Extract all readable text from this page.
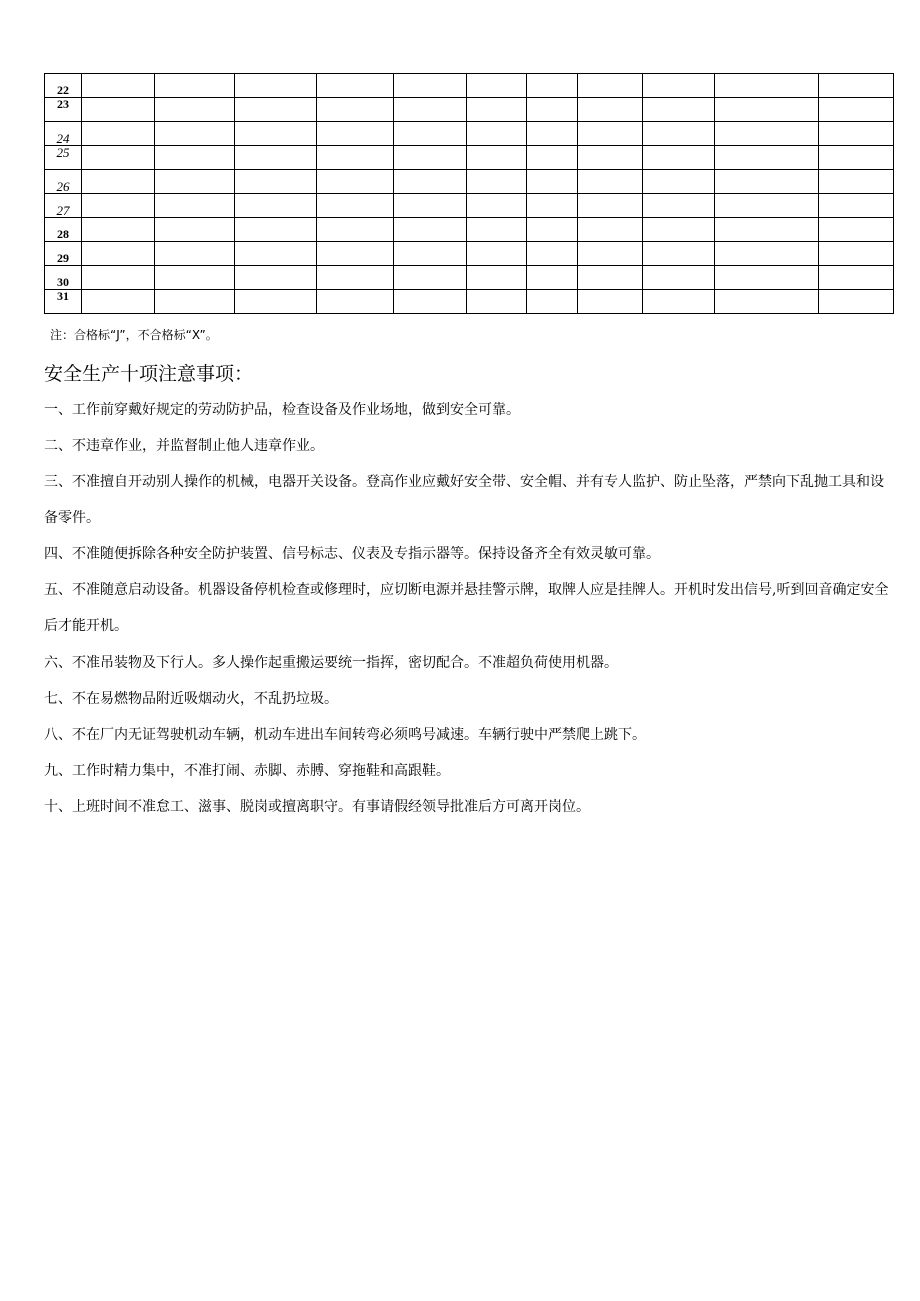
22											
23											
24											
25											
26											
27											
28											
29											
30											
31											
注：合格标“J”，不合格标“X”。
安全生产十项注意事项：
一、工作前穿戴好规定的劳动防护品，检查设备及作业场地，做到安全可靠。
二、不违章作业，并监督制止他人违章作业。
三、不准擅自开动别人操作的机械，电器开关设备。登高作业应戴好安全带、安全帽、并有专人监护、防止坠落，严禁向下乱抛工具和设备零件。
四、不准随便拆除各种安全防护装置、信号标志、仪表及专指示器等。保持设备齐全有效灵敏可靠。
五、不准随意启动设备。机器设备停机检查或修理时，应切断电源并悬挂警示牌，取牌人应是挂牌人。开机时发出信号,听到回音确定安全后才能开机。
六、不准吊装物及下行人。多人操作起重搬运要统一指挥，密切配合。不准超负荷使用机器。
七、不在易燃物品附近吸烟动火，不乱扔垃圾。
八、不在厂内无证驾驶机动车辆，机动车进出车间转弯必须鸣号减速。车辆行驶中严禁爬上跳下。
九、工作时精力集中，不准打闹、赤脚、赤膊、穿拖鞋和高跟鞋。
十、上班时间不准怠工、滋事、脱岗或擅离职守。有事请假经领导批准后方可离开岗位。
